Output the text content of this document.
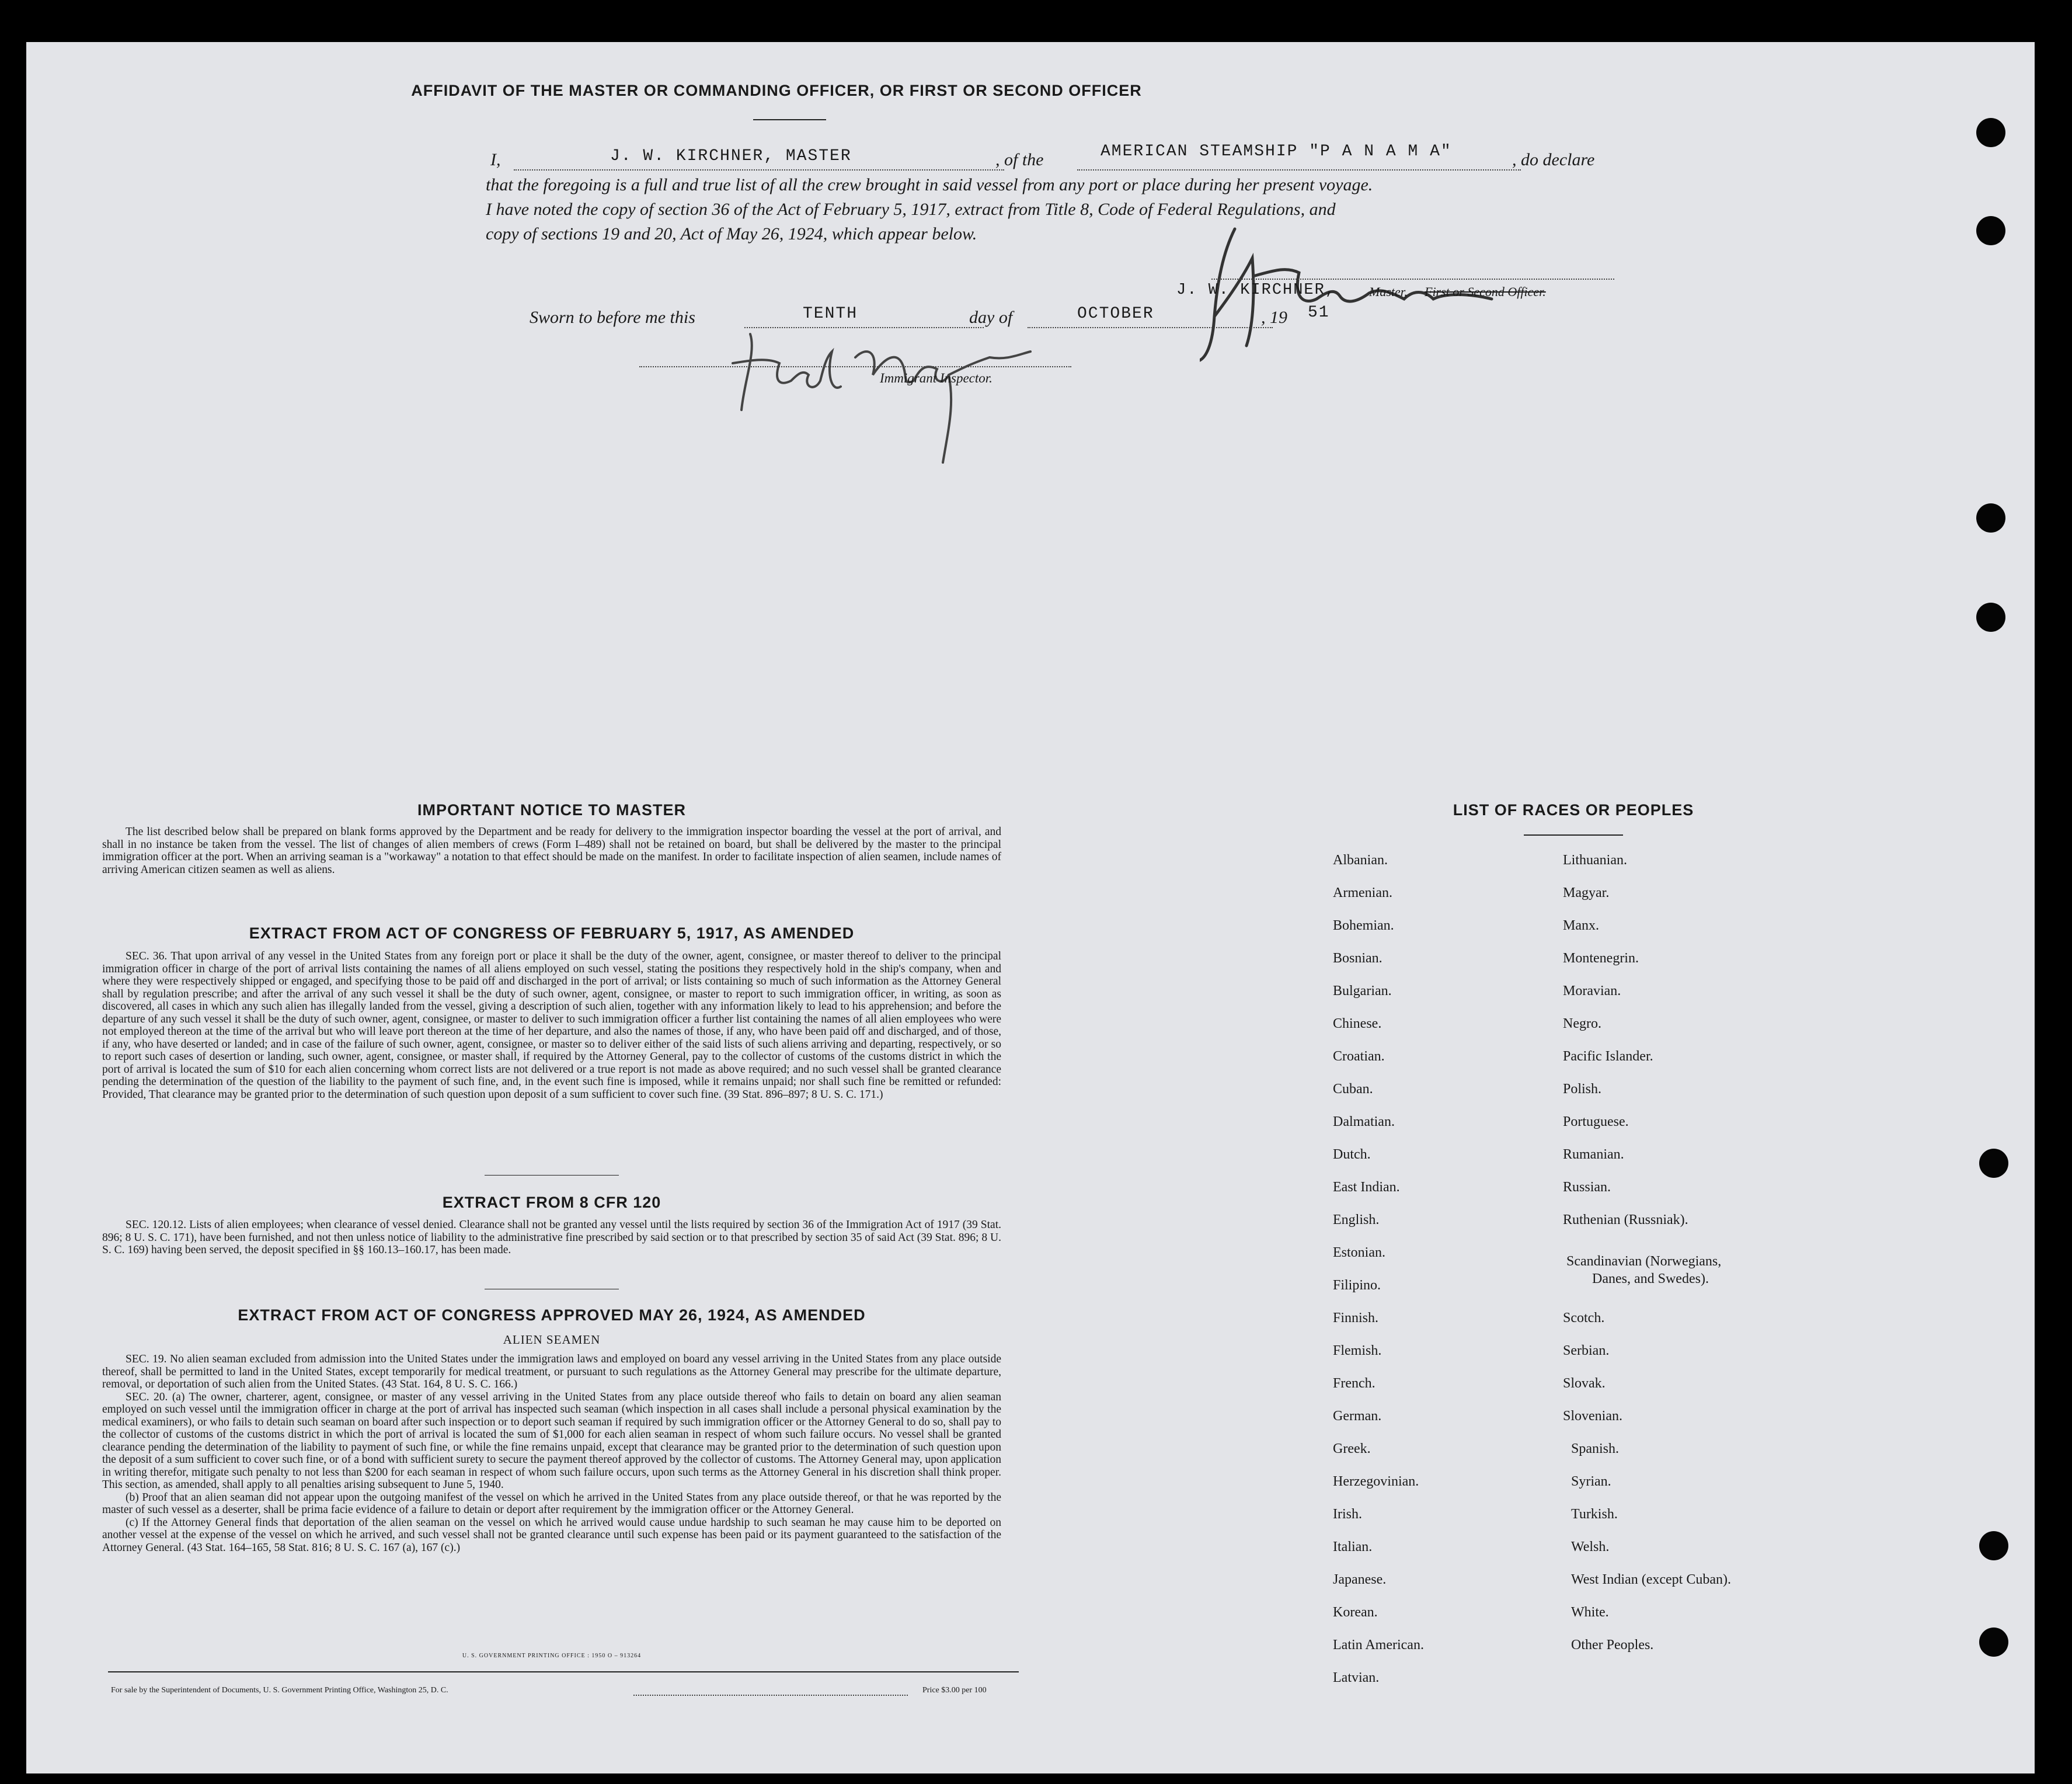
AFFIDAVIT OF THE MASTER OR COMMANDING OFFICER, OR FIRST OR SECOND OFFICER
I,	J. W. KIRCHNER, MASTER	, of the	AMERICAN STEAMSHIP "P A N A M A"	, do declare
that the foregoing is a full and true list of all the crew brought in said vessel from any port or place during her present voyage.
I have noted the copy of section 36 of the Act of February 5, 1917, extract from Title 8, Code of Federal Regulations, and
copy of sections 19 and 20, Act of May 26, 1924, which appear below.
J. W. KIRCHNER,	Master, First or Second Officer.
Sworn to before me this	TENTH	day of	OCTOBER	, 19 51
Immigrant Inspector.
IMPORTANT NOTICE TO MASTER

The list described below shall be prepared on blank forms approved by the Department and be ready for delivery to the immigration inspector boarding the vessel at the port of arrival, and shall in no instance be taken from the vessel. The list of changes of alien members of crews (Form I–489) shall not be retained on board, but shall be delivered by the master to the principal immigration officer at the port. When an arriving seaman is a "workaway" a notation to that effect should be made on the manifest. In order to facilitate inspection of alien seamen, include names of arriving American citizen seamen as well as aliens.

EXTRACT FROM ACT OF CONGRESS OF FEBRUARY 5, 1917, AS AMENDED

SEC. 36. That upon arrival of any vessel in the United States from any foreign port or place it shall be the duty of the owner, agent, consignee, or master thereof to deliver to the principal immigration officer in charge of the port of arrival lists containing the names of all aliens employed on such vessel, stating the positions they respectively hold in the ship's company, when and where they were respectively shipped or engaged, and specifying those to be paid off and discharged in the port of arrival; or lists containing so much of such information as the Attorney General shall by regulation prescribe; and after the arrival of any such vessel it shall be the duty of such owner, agent, consignee, or master to report to such immigration officer, in writing, as soon as discovered, all cases in which any such alien has illegally landed from the vessel, giving a description of such alien, together with any information likely to lead to his apprehension; and before the departure of any such vessel it shall be the duty of such owner, agent, consignee, or master to deliver to such immigration officer a further list containing the names of all alien employees who were not employed thereon at the time of the arrival but who will leave port thereon at the time of her departure, and also the names of those, if any, who have been paid off and discharged, and of those, if any, who have deserted or landed; and in case of the failure of such owner, agent, consignee, or master so to deliver either of the said lists of such aliens arriving and departing, respectively, or so to report such cases of desertion or landing, such owner, agent, consignee, or master shall, if required by the Attorney General, pay to the collector of customs of the customs district in which the port of arrival is located the sum of $10 for each alien concerning whom correct lists are not delivered or a true report is not made as above required; and no such vessel shall be granted clearance pending the determination of the question of the liability to the payment of such fine, and, in the event such fine is imposed, while it remains unpaid; nor shall such fine be remitted or refunded: Provided, That clearance may be granted prior to the determination of such question upon deposit of a sum sufficient to cover such fine. (39 Stat. 896–897; 8 U. S. C. 171.)

EXTRACT FROM 8 CFR 120

SEC. 120.12. Lists of alien employees; when clearance of vessel denied. Clearance shall not be granted any vessel until the lists required by section 36 of the Immigration Act of 1917 (39 Stat. 896; 8 U. S. C. 171), have been furnished, and not then unless notice of liability to the administrative fine prescribed by said section or to that prescribed by section 35 of said Act (39 Stat. 896; 8 U. S. C. 169) having been served, the deposit specified in §§ 160.13–160.17, has been made.

EXTRACT FROM ACT OF CONGRESS APPROVED MAY 26, 1924, AS AMENDED
ALIEN SEAMEN

SEC. 19. No alien seaman excluded from admission into the United States under the immigration laws and employed on board any vessel arriving in the United States from any place outside thereof, shall be permitted to land in the United States, except temporarily for medical treatment, or pursuant to such regulations as the Attorney General may prescribe for the ultimate departure, removal, or deportation of such alien from the United States. (43 Stat. 164, 8 U. S. C. 166.)

SEC. 20. (a) The owner, charterer, agent, consignee, or master of any vessel arriving in the United States from any place outside thereof who fails to detain on board any alien seaman employed on such vessel until the immigration officer in charge at the port of arrival has inspected such seaman (which inspection in all cases shall include a personal physical examination by the medical examiners), or who fails to detain such seaman on board after such inspection or to deport such seaman if required by such immigration officer or the Attorney General to do so, shall pay to the collector of customs of the customs district in which the port of arrival is located the sum of $1,000 for each alien seaman in respect of whom such failure occurs. No vessel shall be granted clearance pending the determination of the liability to payment of such fine, or while the fine remains unpaid, except that clearance may be granted prior to the determination of such question upon the deposit of a sum sufficient to cover such fine, or of a bond with sufficient surety to secure the payment thereof approved by the collector of customs. The Attorney General may, upon application in writing therefor, mitigate such penalty to not less than $200 for each seaman in respect of whom such failure occurs, upon such terms as the Attorney General in his discretion shall think proper. This section, as amended, shall apply to all penalties arising subsequent to June 5, 1940.

(b) Proof that an alien seaman did not appear upon the outgoing manifest of the vessel on which he arrived in the United States from any place outside thereof, or that he was reported by the master of such vessel as a deserter, shall be prima facie evidence of a failure to detain or deport after requirement by the immigration officer or the Attorney General.

(c) If the Attorney General finds that deportation of the alien seaman on the vessel on which he arrived would cause undue hardship to such seaman he may cause him to be deported on another vessel at the expense of the vessel on which he arrived, and such vessel shall not be granted clearance until such expense has been paid or its payment guaranteed to the satisfaction of the Attorney General. (43 Stat. 164–165, 58 Stat. 816; 8 U. S. C. 167 (a), 167 (c).)

U. S. GOVERNMENT PRINTING OFFICE : 1950 O – 913264
For sale by the Superintendent of Documents, U. S. Government Printing Office, Washington 25, D. C.	Price $3.00 per 100
LIST OF RACES OR PEOPLES
Albanian.
Armenian.
Bohemian.
Bosnian.
Bulgarian.
Chinese.
Croatian.
Cuban.
Dalmatian.
Dutch.
East Indian.
English.
Estonian.
Filipino.
Finnish.
Flemish.
French.
German.
Greek.
Herzegovinian.
Irish.
Italian.
Japanese.
Korean.
Latin American.
Latvian.
Lithuanian.
Magyar.
Manx.
Montenegrin.
Moravian.
Negro.
Pacific Islander.
Polish.
Portuguese.
Rumanian.
Russian.
Ruthenian (Russniak).
Scandinavian (Norwegians,
Danes, and Swedes).
Scotch.
Serbian.
Slovak.
Slovenian.
Spanish.
Syrian.
Turkish.
Welsh.
West Indian (except Cuban).
White.
Other Peoples.
